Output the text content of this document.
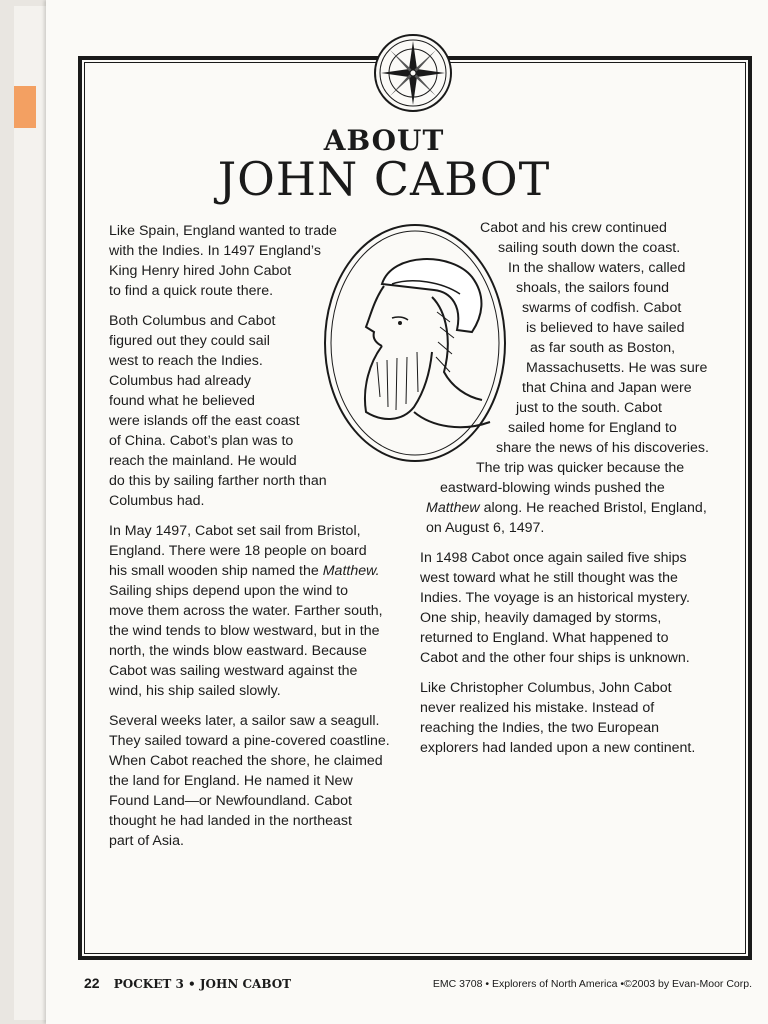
ABOUT
JOHN CABOT

Like Spain, England wanted to trade
with the Indies. In 1497 England’s
King Henry hired John Cabot
to find a quick route there.

Both Columbus and Cabot
figured out they could sail
west to reach the Indies.
Columbus had already
found what he believed
were islands off the east coast
of China. Cabot’s plan was to
reach the mainland. He would
do this by sailing farther north than
Columbus had.

In May 1497, Cabot set sail from Bristol,
England. There were 18 people on board
his small wooden ship named the Matthew.
Sailing ships depend upon the wind to
move them across the water. Farther south,
the wind tends to blow westward, but in the
north, the winds blow eastward. Because
Cabot was sailing westward against the
wind, his ship sailed slowly.

Several weeks later, a sailor saw a seagull.
They sailed toward a pine-covered coastline.
When Cabot reached the shore, he claimed
the land for England. He named it New
Found Land—or Newfoundland. Cabot
thought he had landed in the northeast
part of Asia.

Cabot and his crew continued
sailing south down the coast.
In the shallow waters, called
shoals, the sailors found
swarms of codfish. Cabot
is believed to have sailed
as far south as Boston,
Massachusetts. He was sure
that China and Japan were
just to the south. Cabot
sailed home for England to
share the news of his discoveries.
The trip was quicker because the
eastward-blowing winds pushed the
Matthew along. He reached Bristol, England,
on August 6, 1497.

In 1498 Cabot once again sailed five ships
west toward what he still thought was the
Indies. The voyage is an historical mystery.
One ship, heavily damaged by storms,
returned to England. What happened to
Cabot and the other four ships is unknown.

Like Christopher Columbus, John Cabot
never realized his mistake. Instead of
reaching the Indies, the two European
explorers had landed upon a new continent.

22 POCKET 3 • JOHN CABOT	EMC 3708 • Explorers of North America •©2003 by Evan-Moor Corp.
